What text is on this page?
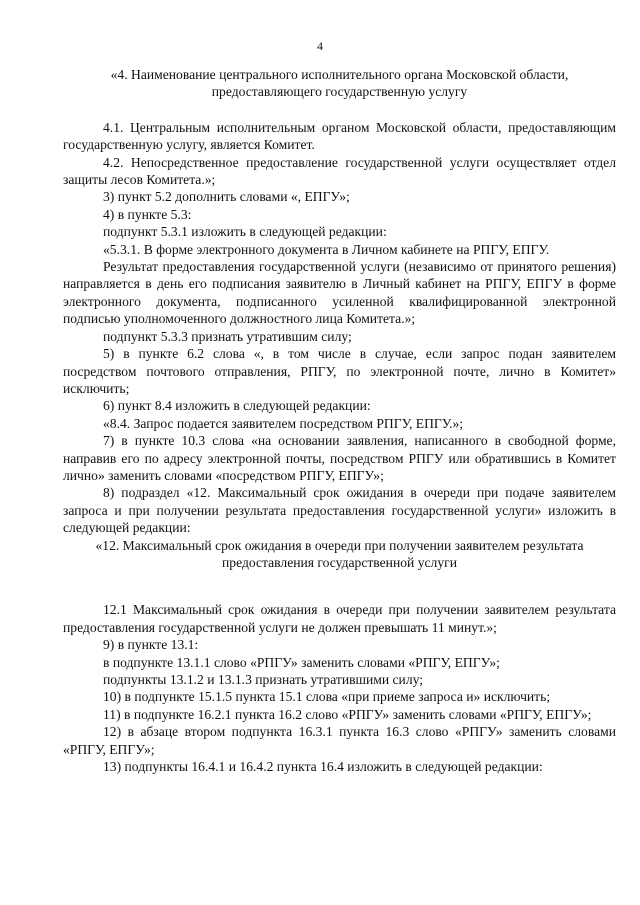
4

«4. Наименование центрального исполнительного органа Московской области, предоставляющего государственную услугу

4.1. Центральным исполнительным органом Московской области, предоставляющим государственную услугу, является Комитет.

4.2. Непосредственное предоставление государственной услуги осуществляет отдел защиты лесов Комитета.»;

3) пункт 5.2 дополнить словами «, ЕПГУ»;

4) в пункте 5.3:

подпункт 5.3.1 изложить в следующей редакции:

«5.3.1. В форме электронного документа в Личном кабинете на РПГУ, ЕПГУ.

Результат предоставления государственной услуги (независимо от принятого решения) направляется в день его подписания заявителю в Личный кабинет на РПГУ, ЕПГУ в форме электронного документа, подписанного усиленной квалифицированной электронной подписью уполномоченного должностного лица Комитета.»;

подпункт 5.3.3 признать утратившим силу;

5) в пункте 6.2 слова «, в том числе в случае, если запрос подан заявителем посредством почтового отправления, РПГУ, по электронной почте, лично в Комитет» исключить;

6) пункт 8.4 изложить в следующей редакции:

«8.4. Запрос подается заявителем посредством РПГУ, ЕПГУ.»;

7) в пункте 10.3 слова «на основании заявления, написанного в свободной форме, направив его по адресу электронной почты, посредством РПГУ или обратившись в Комитет лично» заменить словами «посредством РПГУ, ЕПГУ»;

8) подраздел «12. Максимальный срок ожидания в очереди при подаче заявителем запроса и при получении результата предоставления государственной услуги» изложить в следующей редакции:

«12. Максимальный срок ожидания в очереди при получении заявителем результата предоставления государственной услуги

12.1 Максимальный срок ожидания в очереди при получении заявителем результата предоставления государственной услуги не должен превышать 11 минут.»;

9) в пункте 13.1:

в подпункте 13.1.1 слово «РПГУ» заменить словами «РПГУ, ЕПГУ»;

подпункты 13.1.2 и 13.1.3 признать утратившими силу;

10) в подпункте 15.1.5 пункта 15.1 слова «при приеме запроса и» исключить;

11) в подпункте 16.2.1 пункта 16.2 слово «РПГУ» заменить словами «РПГУ, ЕПГУ»;

12) в абзаце втором подпункта 16.3.1 пункта 16.3 слово «РПГУ» заменить словами «РПГУ, ЕПГУ»;

13) подпункты 16.4.1 и 16.4.2 пункта 16.4 изложить в следующей редакции:
